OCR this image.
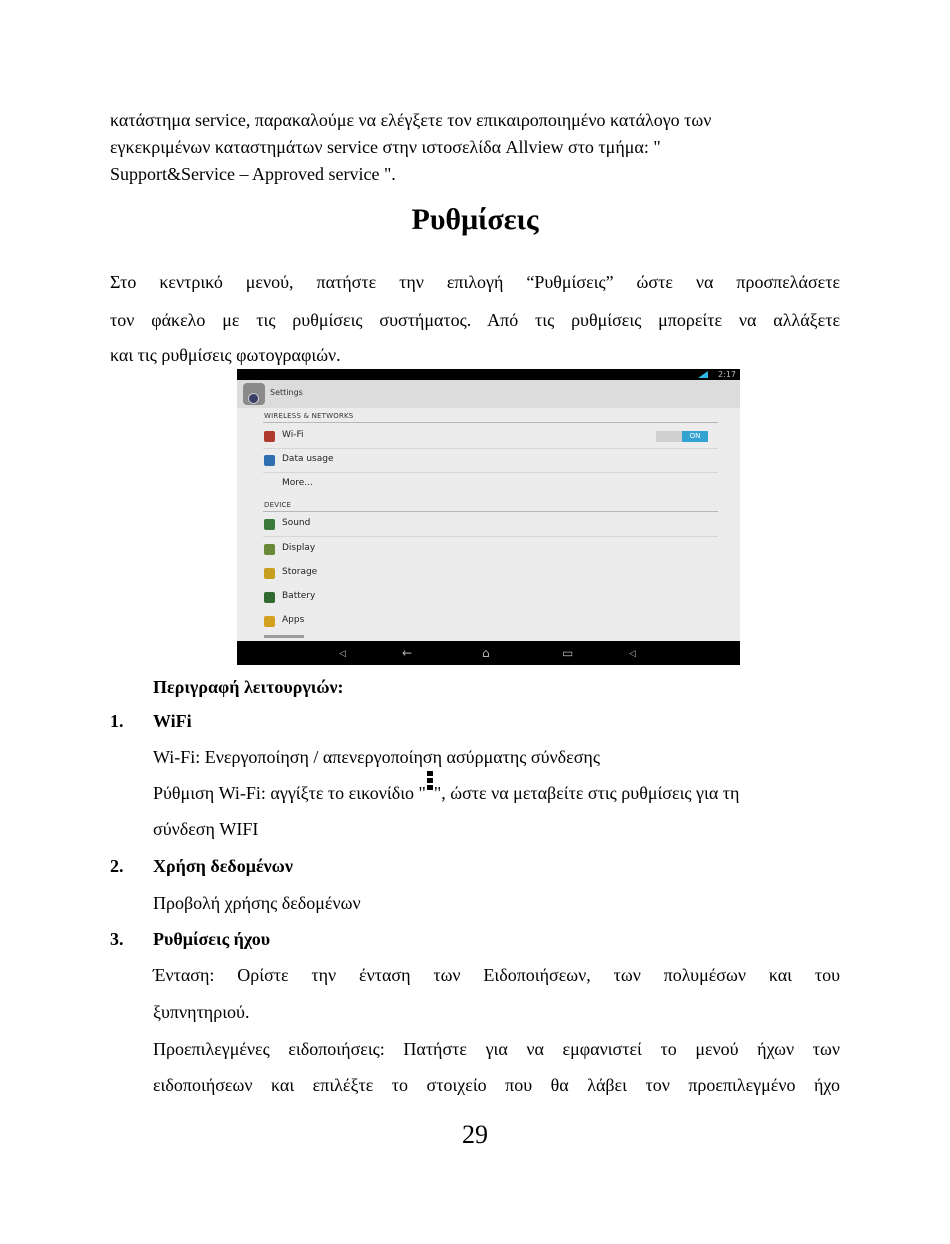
κατάστημα service, παρακαλούμε να ελέγξετε τον επικαιροποιημένο κατάλογο των

εγκεκριμένων καταστημάτων service στην ιστοσελίδα Allview στο τμήμα: "

Support&Service – Approved service ".

Ρυθμίσεις

Στο κεντρικό μενού, πατήστε την επιλογή “Ρυθμίσεις” ώστε να προσπελάσετε

τον φάκελο με τις ρυθμίσεις συστήματος. Από τις ρυθμίσεις μπορείτε να αλλάξετε

και τις ρυθμίσεις φωτογραφιών.

2:17
Settings
WIRELESS & NETWORKS
Wi-Fi	ON
Data usage
More...
DEVICE
Sound
Display
Storage
Battery
Apps
◁	←	⌂	▭	◁

Περιγραφή λειτουργιών:

1. WiFi

Wi-Fi: Ενεργοποίηση / απενεργοποίηση ασύρματης σύνδεσης

Ρύθμιση Wi-Fi: αγγίξτε το εικονίδιο " ", ώστε να μεταβείτε στις ρυθμίσεις για τη

σύνδεση WIFI

2. Χρήση δεδομένων

Προβολή χρήσης δεδομένων

3. Ρυθμίσεις ήχου

Ένταση: Ορίστε την ένταση των Ειδοποιήσεων, των πολυμέσων και του

ξυπνητηριού.

Προεπιλεγμένες ειδοποιήσεις: Πατήστε για να εμφανιστεί το μενού ήχων των

ειδοποιήσεων και επιλέξτε το στοιχείο που θα λάβει τον προεπιλεγμένο ήχο

29
